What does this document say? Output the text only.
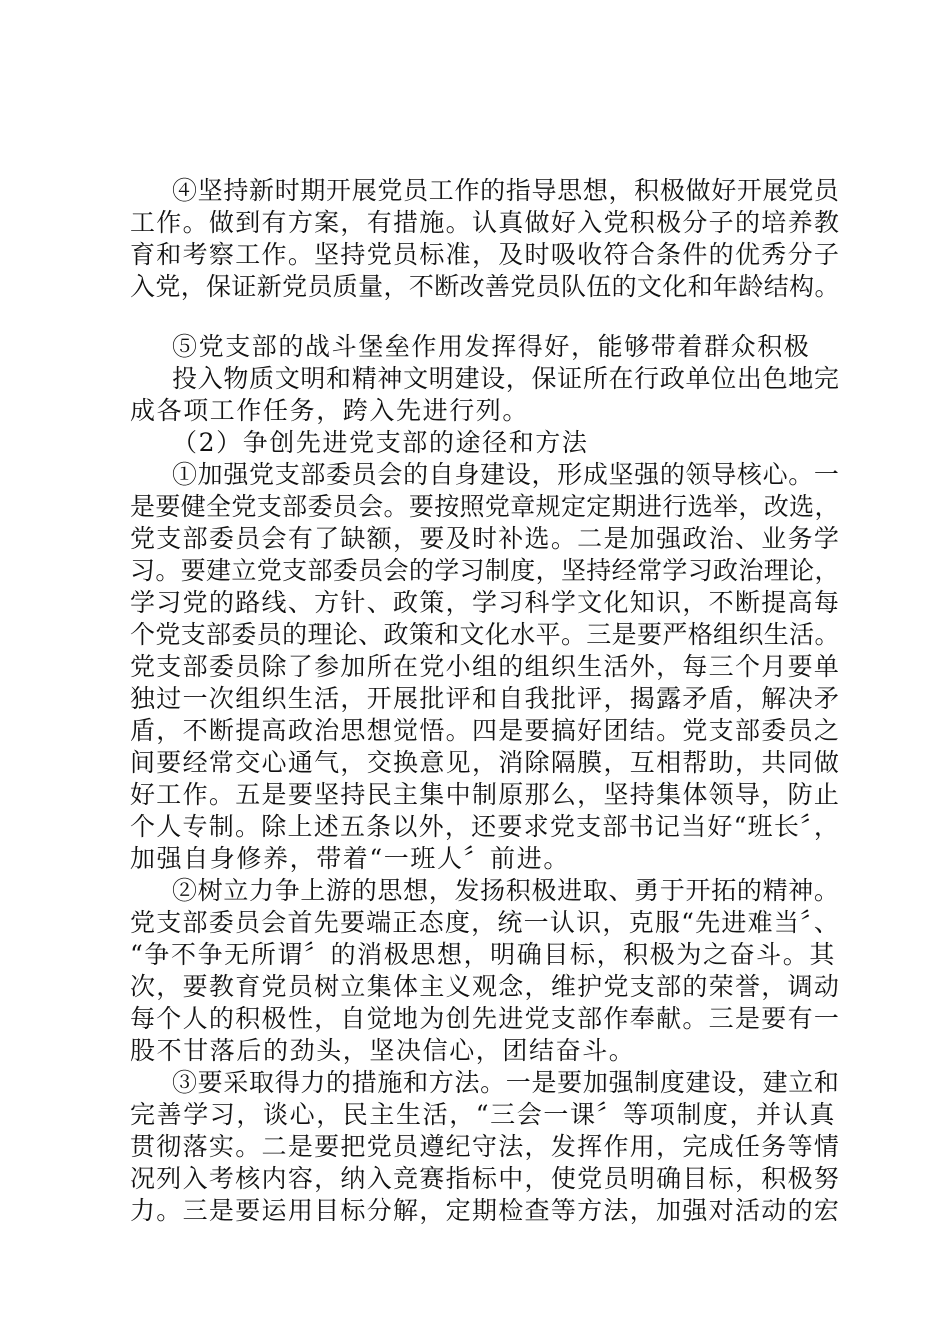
④坚持新时期开展党员工作的指导思想，积极做好开展党员
工作。做到有方案，有措施。认真做好入党积极分子的培养教
育和考察工作。坚持党员标准，及时吸收符合条件的优秀分子
入党，保证新党员质量，不断改善党员队伍的文化和年龄结构。
⑤党支部的战斗堡垒作用发挥得好，能够带着群众积极
投入物质文明和精神文明建设，保证所在行政单位出色地完
成各项工作任务，跨入先进行列。
（2）争创先进党支部的途径和方法
①加强党支部委员会的自身建设，形成坚强的领导核心。一
是要健全党支部委员会。要按照党章规定定期进行选举，改选，
党支部委员会有了缺额，要及时补选。二是加强政治、业务学
习。要建立党支部委员会的学习制度，坚持经常学习政治理论，
学习党的路线、方针、政策，学习科学文化知识，不断提高每
个党支部委员的理论、政策和文化水平。三是要严格组织生活。
党支部委员除了参加所在党小组的组织生活外，每三个月要单
独过一次组织生活，开展批评和自我批评，揭露矛盾，解决矛
盾，不断提高政治思想觉悟。四是要搞好团结。党支部委员之
间要经常交心通气，交换意见，消除隔膜，互相帮助，共同做
好工作。五是要坚持民主集中制原那么，坚持集体领导，防止
个人专制。除上述五条以外，还要求党支部书记当好“班长〞，
加强自身修养，带着“一班人〞前进。
②树立力争上游的思想，发扬积极进取、勇于开拓的精神。
党支部委员会首先要端正态度，统一认识，克服“先进难当〞、
“争不争无所谓〞的消极思想，明确目标，积极为之奋斗。其
次，要教育党员树立集体主义观念，维护党支部的荣誉，调动
每个人的积极性，自觉地为创先进党支部作奉献。三是要有一
股不甘落后的劲头，坚决信心，团结奋斗。
③要采取得力的措施和方法。一是要加强制度建设，建立和
完善学习，谈心，民主生活，“三会一课〞等项制度，并认真
贯彻落实。二是要把党员遵纪守法，发挥作用，完成任务等情
况列入考核内容，纳入竞赛指标中，使党员明确目标，积极努
力。三是要运用目标分解，定期检查等方法，加强对活动的宏
